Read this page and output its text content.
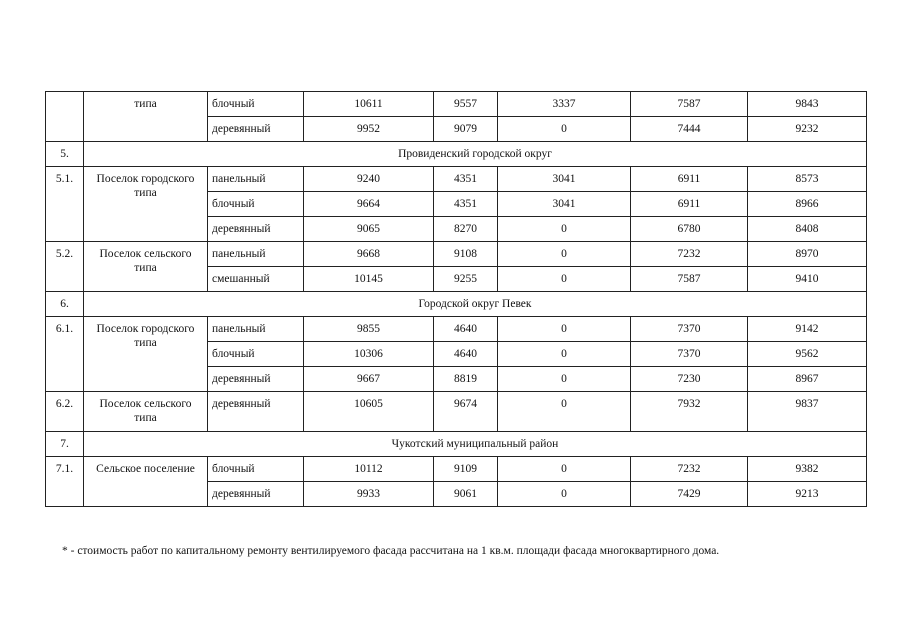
	типа	блочный	10611	9557	3337	7587	9843
		деревянный	9952	9079	0	7444	9232
5.	Провиденский городской округ						
5.1.	Поселок городского типа	панельный	9240	4351	3041	6911	8573
		блочный	9664	4351	3041	6911	8966
		деревянный	9065	8270	0	6780	8408
5.2.	Поселок сельского типа	панельный	9668	9108	0	7232	8970
		смешанный	10145	9255	0	7587	9410
6.	Городской округ Певек						
6.1.	Поселок городского типа	панельный	9855	4640	0	7370	9142
		блочный	10306	4640	0	7370	9562
		деревянный	9667	8819	0	7230	8967
6.2.	Поселок сельского типа	деревянный	10605	9674	0	7932	9837
7.	Чукотский муниципальный район						
7.1.	Сельское поселение	блочный	10112	9109	0	7232	9382
		деревянный	9933	9061	0	7429	9213
* - стоимость работ по капитальному ремонту вентилируемого фасада рассчитана на 1 кв.м. площади фасада многоквартирного дома.
